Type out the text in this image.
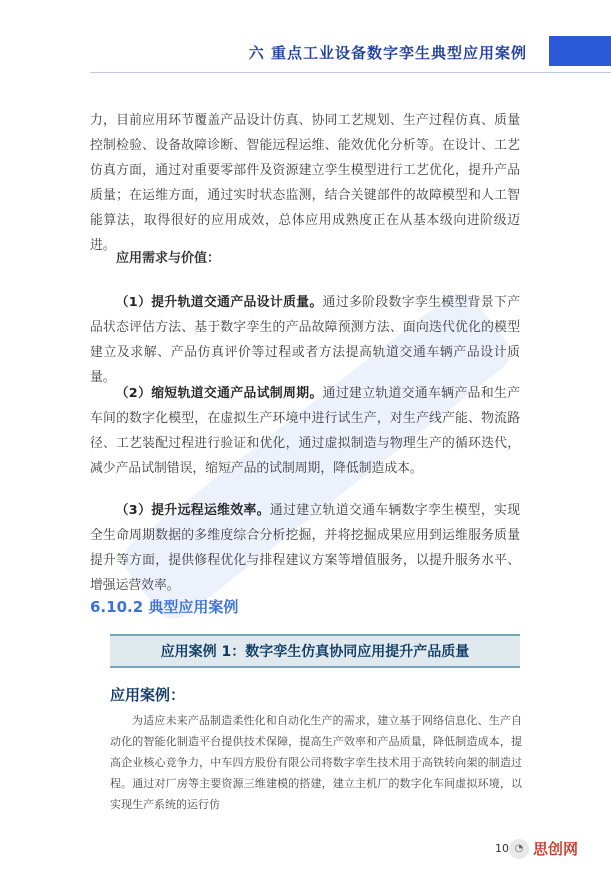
六 重点工业设备数字孪生典型应用案例

力，目前应用环节覆盖产品设计仿真、协同工艺规划、生产过程仿真、质量控制检验、设备故障诊断、智能远程运维、能效优化分析等。在设计、工艺仿真方面，通过对重要零部件及资源建立孪生模型进行工艺优化，提升产品质量；在运维方面，通过实时状态监测，结合关键部件的故障模型和人工智能算法，取得很好的应用成效，总体应用成熟度正在从基本级向进阶级迈进。

应用需求与价值：

（1）提升轨道交通产品设计质量。通过多阶段数字孪生模型背景下产品状态评估方法、基于数字孪生的产品故障预测方法、面向迭代优化的模型建立及求解、产品仿真评价等过程或者方法提高轨道交通车辆产品设计质量。

（2）缩短轨道交通产品试制周期。通过建立轨道交通车辆产品和生产车间的数字化模型，在虚拟生产环境中进行试生产，对生产线产能、物流路径、工艺装配过程进行验证和优化，通过虚拟制造与物理生产的循环迭代，减少产品试制错误，缩短产品的试制周期，降低制造成本。

（3）提升远程运维效率。通过建立轨道交通车辆数字孪生模型，实现全生命周期数据的多维度综合分析挖掘，并将挖掘成果应用到运维服务质量提升等方面，提供修程优化与排程建议方案等增值服务，以提升服务水平、增强运营效率。

6.10.2 典型应用案例
应用案例 1：数字孪生仿真协同应用提升产品质量
应用案例：

为适应未来产品制造柔性化和自动化生产的需求，建立基于网络信息化、生产自动化的智能化制造平台提供技术保障，提高生产效率和产品质量，降低制造成本，提高企业核心竞争力，中车四方股份有限公司将数字孪生技术用于高铁转向架的制造过程。通过对厂房等主要资源三维建模的搭建，建立主机厂的数字化车间虚拟环境，以实现生产系统的运行仿

10 ◔ 思创网
